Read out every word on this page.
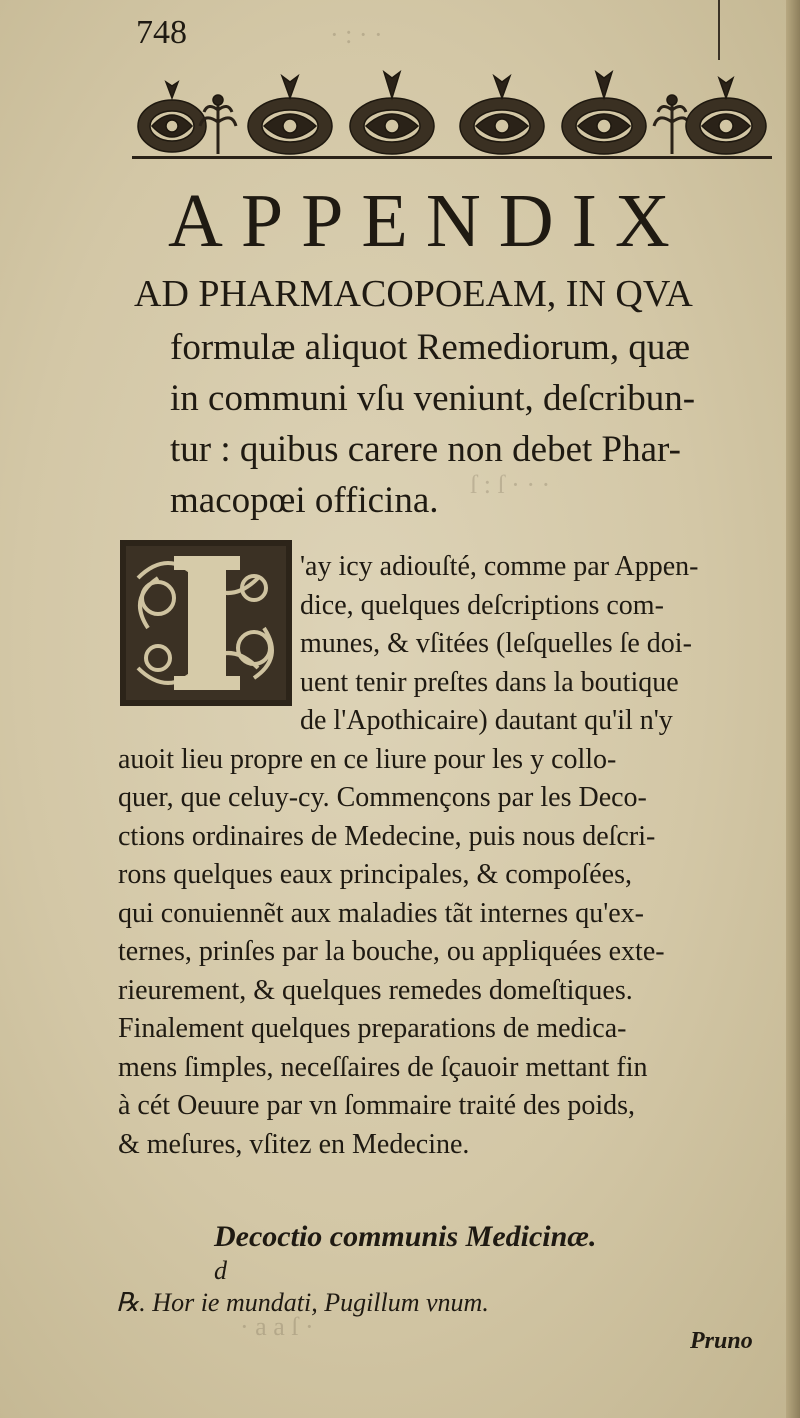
· : · ·
748
APPENDIX
AD PHARMACOPOEAM, IN QVA
formulæ aliquot Remediorum, quæ
in communi vſu veniunt, deſcribun-
tur : quibus carere non debet Phar-
macopœi officina.	ſ : ſ · · ·
'ay icy adiouſté, comme par Appen-
dice, quelques deſcriptions com-
munes, & vſitées (leſquelles ſe doi-
uent tenir preſtes dans la boutique
de l'Apothicaire) dautant qu'il n'y
auoit lieu propre en ce liure pour les y collo-
quer, que celuy-cy. Commençons par les Deco-
ctions ordinaires de Medecine, puis nous deſcri-
rons quelques eaux principales, & compoſées,
qui conuiennẽt aux maladies tãt internes qu'ex-
ternes, prinſes par la bouche, ou appliquées exte-
rieurement, & quelques remedes domeſtiques.
Finalement quelques preparations de medica-
mens ſimples, neceſſaires de ſçauoir mettant fin
à cét Oeuure par vn ſommaire traité des poids,
& meſures, vſitez en Medecine.
Decoctio communis Medicinæ.
d
℞. Hor ie mundati, Pugillum vnum.
Pruno
· a a ſ ·
